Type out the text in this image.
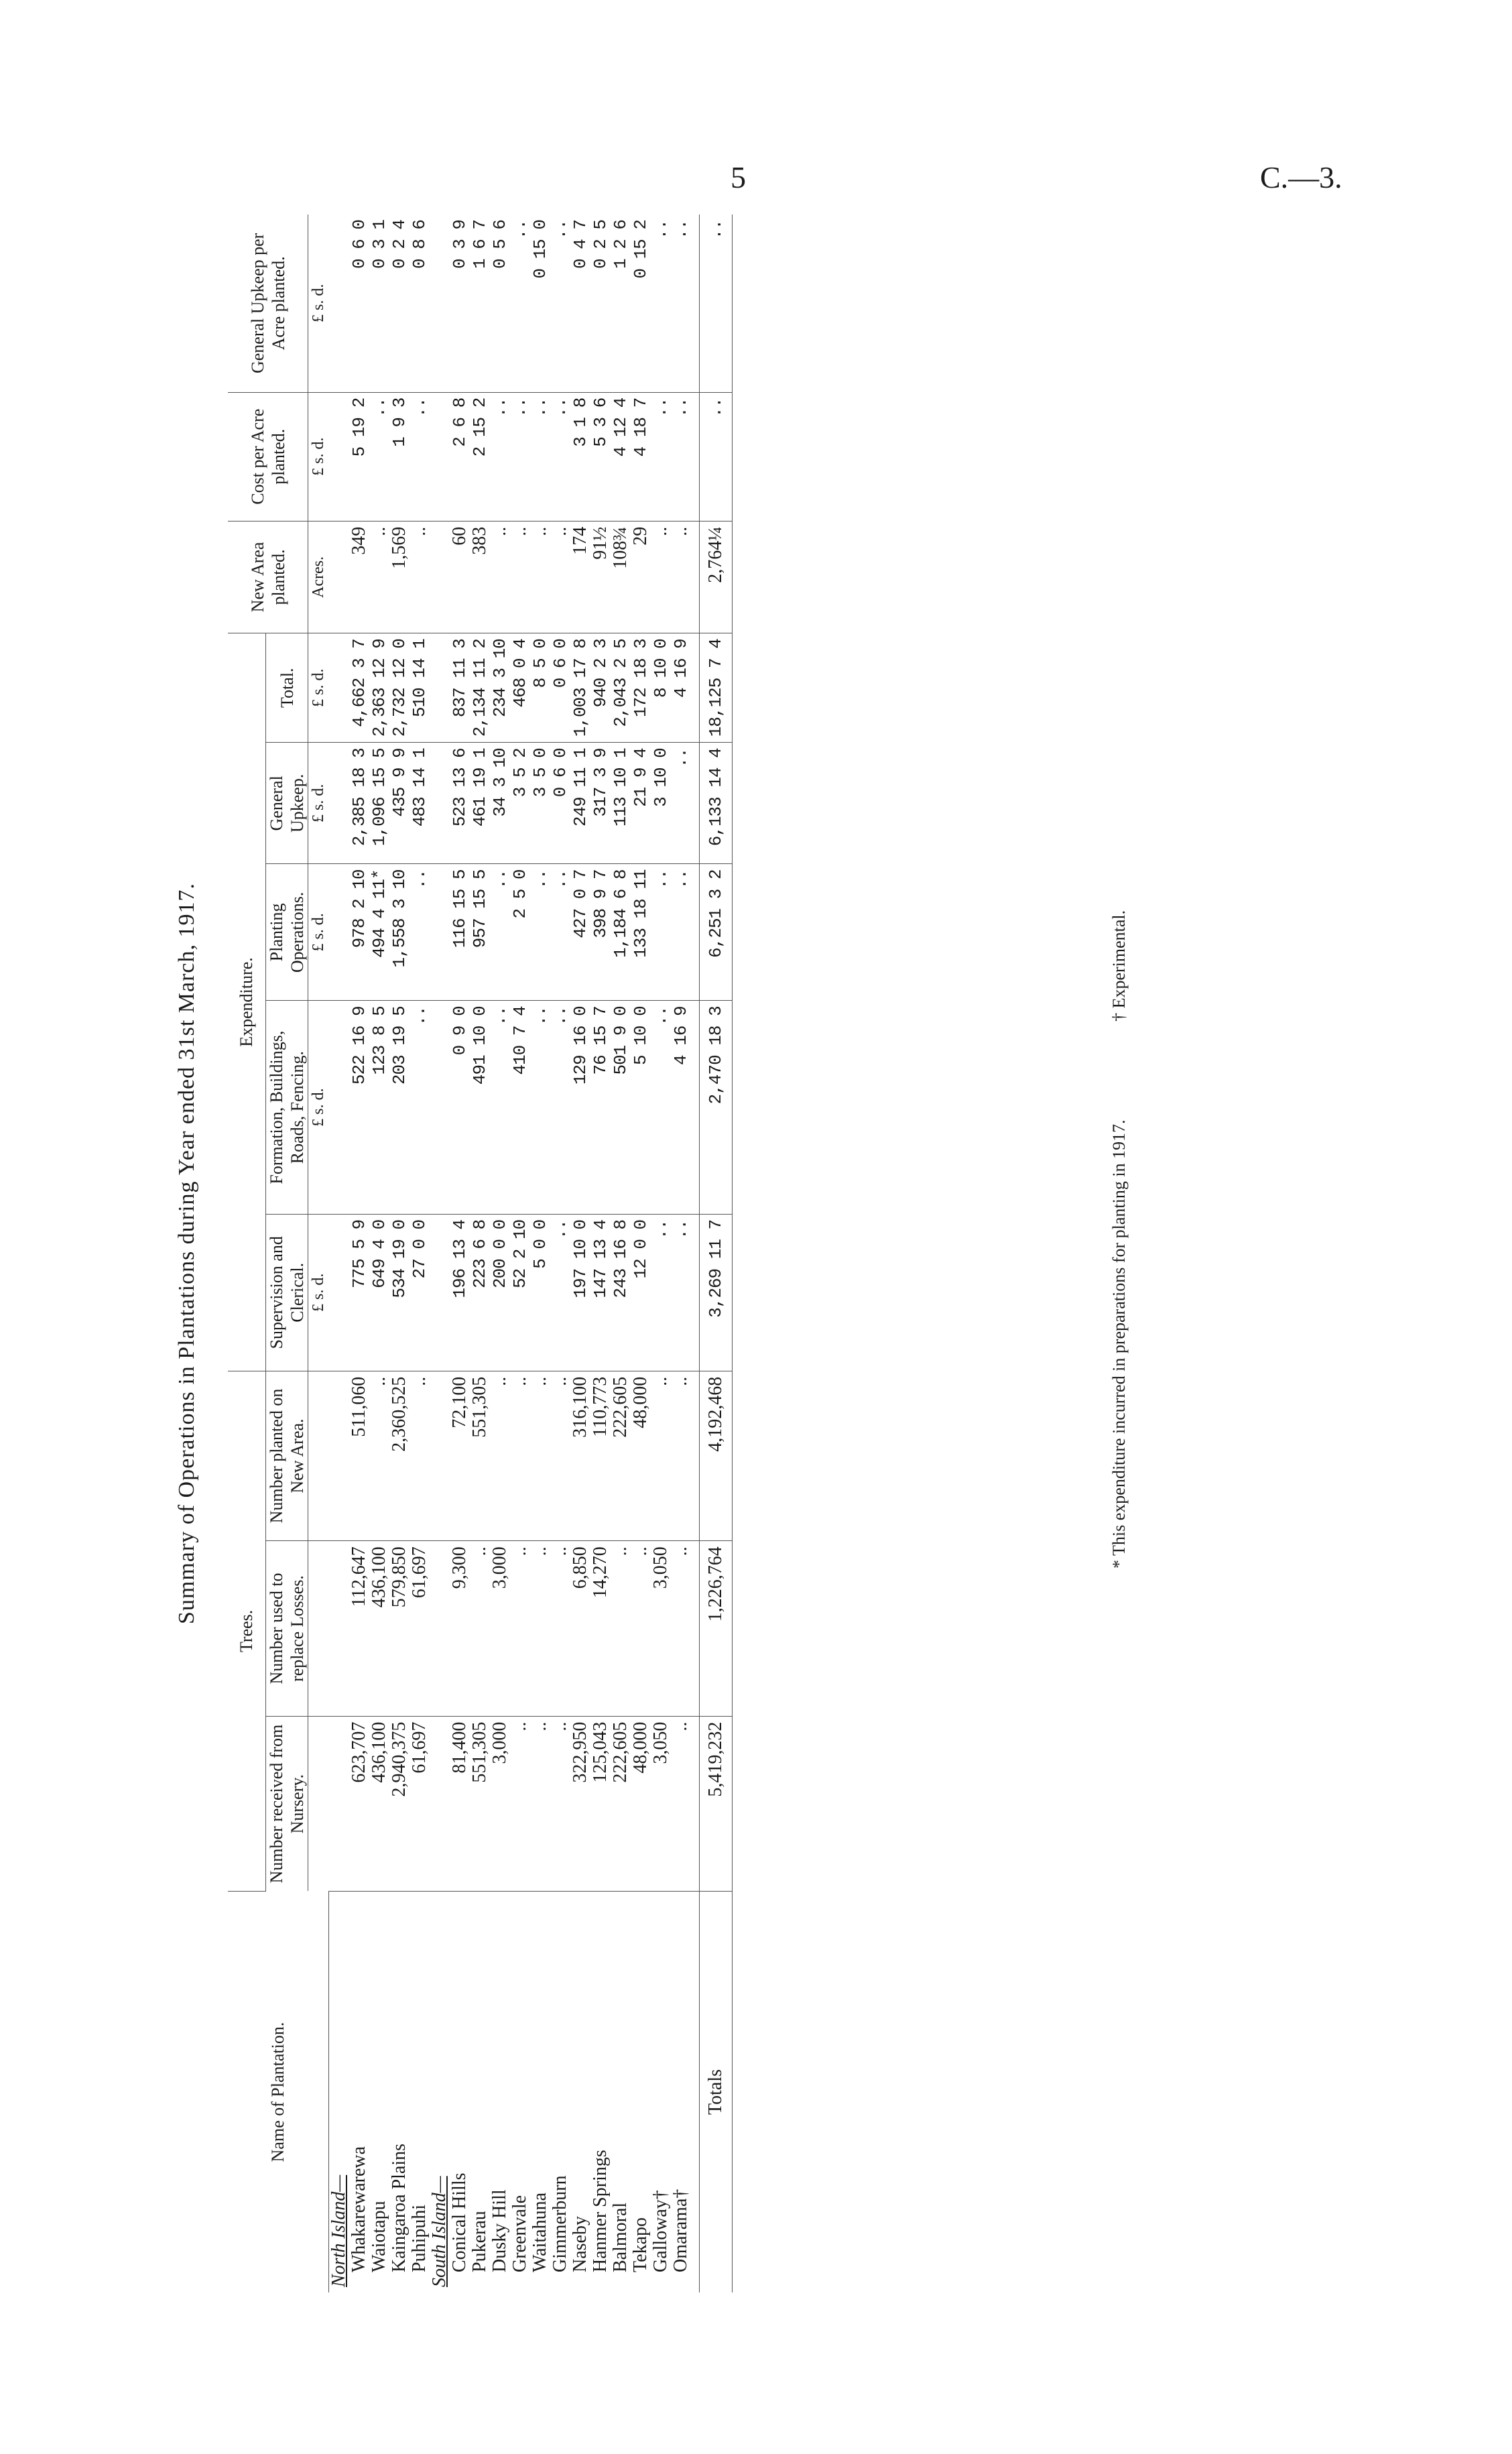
5	C.—3.
Summary of Operations in Plantations during Year ended 31st March, 1917.
Name of Plantation.	Trees.			Expenditure.					New Area planted.	Cost per Acre planted.	General Upkeep per Acre planted.
	Number received from Nursery.	Number used to replace Losses.	Number planted on New Area.	Supervision and Clerical.	Formation, Buildings, Roads, Fencing.	Planting Operations.	General Upkeep.	Total.			

				£ s. d.	£ s. d.	£ s. d.	£ s. d.	£ s. d.	Acres.	£ s. d.	£ s. d.
North Island—											
Whakarewarewa	623,707	112,647	511,060	775 5 9	522 16 9	978 2 10	2,385 18 3	4,662 3 7	349	5 19 2	0 6 0
Waiotapu	436,100	436,100	..	649 4 0	123 8 5	494 4 11*	1,096 15 5	2,363 12 9	..	..	0 3 1
Kaingaroa Plains	2,940,375	579,850	2,360,525	534 19 0	203 19 5	1,558 3 10	435 9 9	2,732 12 0	1,569	1 9 3	0 2 4
Puhipuhi	61,697	61,697	..	27 0 0	..	..	483 14 1	510 14 1	..	..	0 8 6
South Island—											
Conical Hills	81,400	9,300	72,100	196 13 4	0 9 0	116 15 5	523 13 6	837 11 3	60	2 6 8	0 3 9
Pukerau	551,305	..	551,305	223 6 8	491 10 0	957 15 5	461 19 1	2,134 11 2	383	2 15 2	1 6 7
Dusky Hill	3,000	3,000	..	200 0 0	..	..	34 3 10	234 3 10	..	..	0 5 6
Greenvale	..	..	..	52 2 10	410 7 4	2 5 0	3 5 2	468 0 4	..	..	..
Waitahuna	..	..	..	5 0 0	..	..	3 5 0	8 5 0	..	..	0 15 0
Gimmerburn	..	..	..	..	..	..	0 6 0	0 6 0	..	..	..
Naseby	322,950	6,850	316,100	197 10 0	129 16 0	427 0 7	249 11 1	1,003 17 8	174	3 1 8	0 4 7
Hanmer Springs	125,043	14,270	110,773	147 13 4	76 15 7	398 9 7	317 3 9	940 2 3	91½	5 3 6	0 2 5
Balmoral	222,605	..	222,605	243 16 8	501 9 0	1,184 6 8	113 10 1	2,043 2 5	108¾	4 12 4	1 2 6
Tekapo	48,000	..	48,000	12 0 0	5 10 0	133 18 11	21 9 4	172 18 3	29	4 18 7	0 15 2
Galloway†	3,050	3,050	..	..	..	..	3 10 0	8 10 0	..	..	..
Omarama†	..	..	..	..	4 16 9	..	..	4 16 9	..	..	..

Totals	5,419,232	1,226,764	4,192,468	3,269 11 7	2,470 18 3	6,251 3 2	6,133 14 4	18,125 7 4	2,764¼	..	..
* This expenditure incurred in preparations for planting in 1917. † Experimental.
